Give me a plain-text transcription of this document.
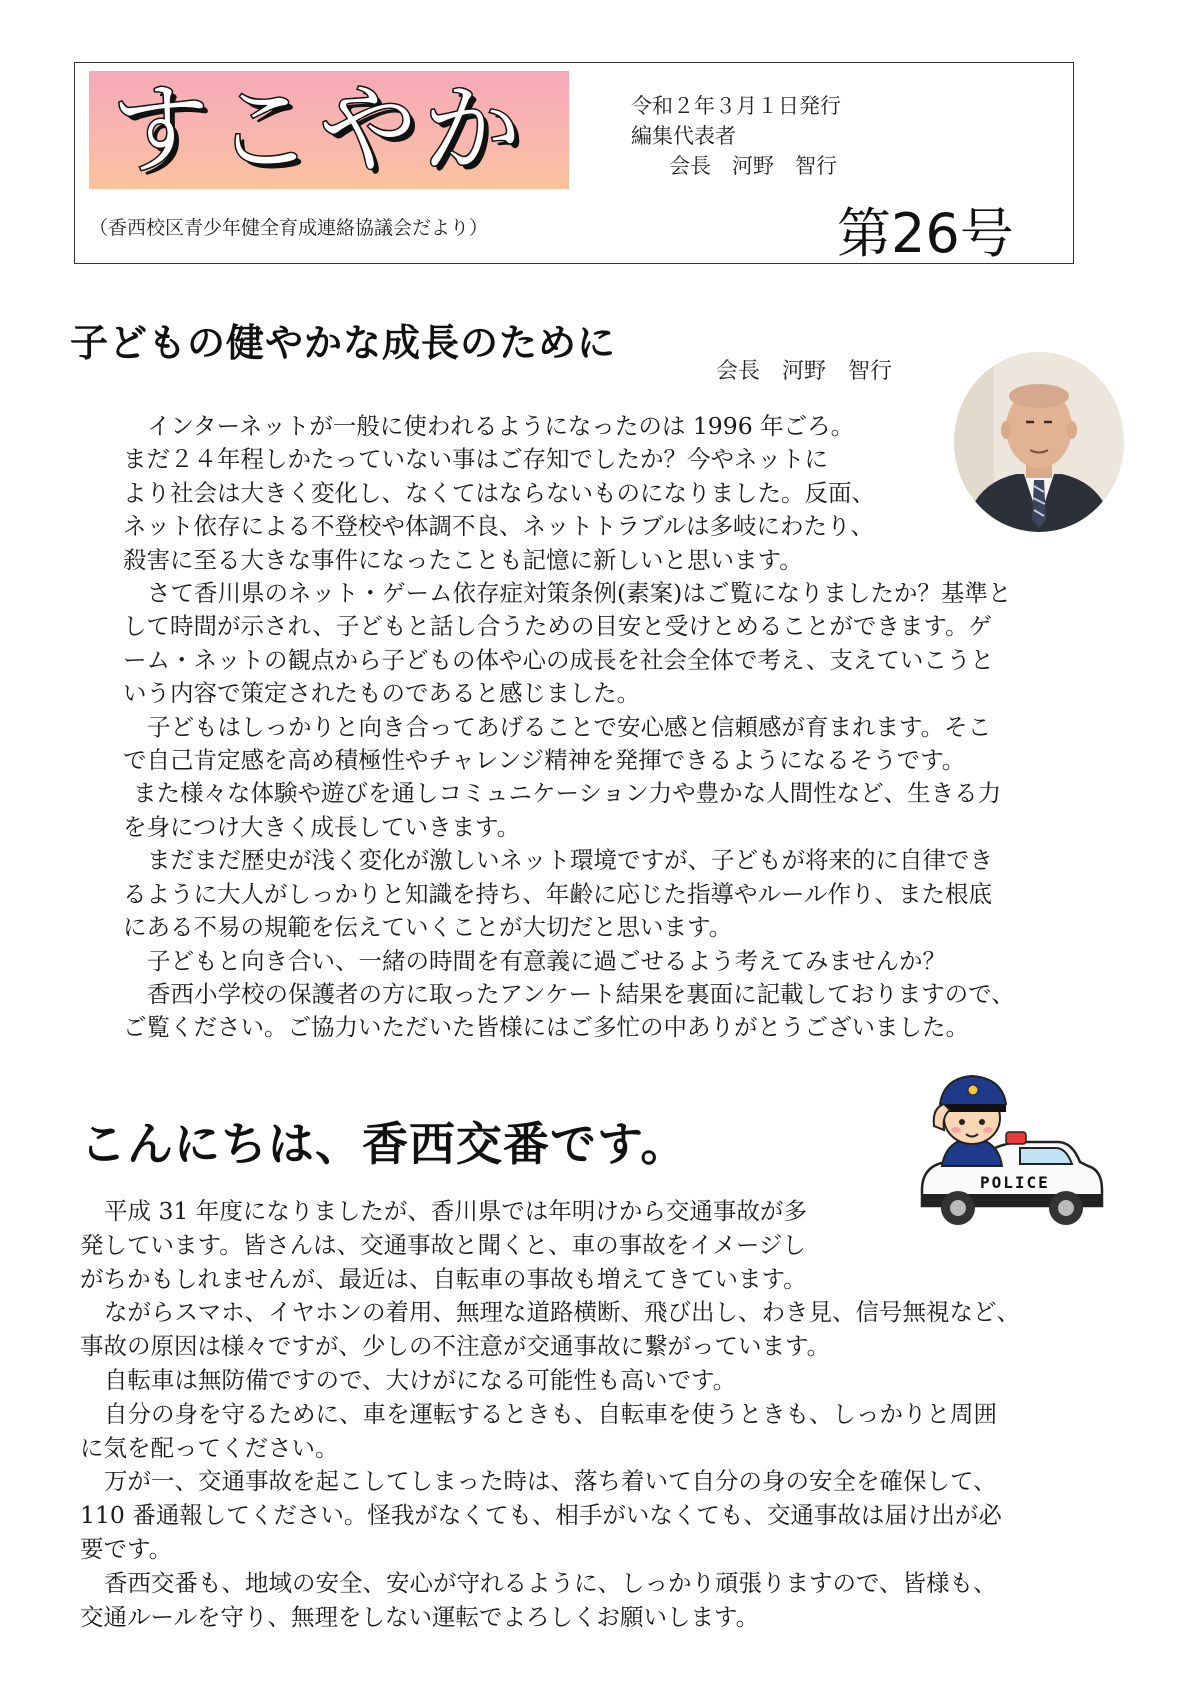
すこやか
（香西校区青少年健全育成連絡協議会だより）
令和２年３月１日発行
編集代表者
会長　河野　智行
第26号
子どもの健やかな成長のために
会長　河野　智行
インターネットが一般に使われるようになったのは 1996 年ごろ。
まだ２４年程しかたっていない事はご存知でしたか？今やネットに
より社会は大きく変化し、なくてはならないものになりました。反面、
ネット依存による不登校や体調不良、ネットトラブルは多岐にわたり、
殺害に至る大きな事件になったことも記憶に新しいと思います。
さて香川県のネット・ゲーム依存症対策条例(素案)はご覧になりましたか？基準と
して時間が示され、子どもと話し合うための目安と受けとめることができます。ゲ
ーム・ネットの観点から子どもの体や心の成長を社会全体で考え、支えていこうと
いう内容で策定されたものであると感じました。
子どもはしっかりと向き合ってあげることで安心感と信頼感が育まれます。そこ
で自己肯定感を高め積極性やチャレンジ精神を発揮できるようになるそうです。
また様々な体験や遊びを通しコミュニケーション力や豊かな人間性など、生きる力
を身につけ大きく成長していきます。
まだまだ歴史が浅く変化が激しいネット環境ですが、子どもが将来的に自律でき
るように大人がしっかりと知識を持ち、年齢に応じた指導やルール作り、また根底
にある不易の規範を伝えていくことが大切だと思います。
子どもと向き合い、一緒の時間を有意義に過ごせるよう考えてみませんか？
香西小学校の保護者の方に取ったアンケート結果を裏面に記載しておりますので、
ご覧ください。ご協力いただいた皆様にはご多忙の中ありがとうございました。
こんにちは、香西交番です。
POLICE
平成 31 年度になりましたが、香川県では年明けから交通事故が多
発しています。皆さんは、交通事故と聞くと、車の事故をイメージし
がちかもしれませんが、最近は、自転車の事故も増えてきています。
ながらスマホ、イヤホンの着用、無理な道路横断、飛び出し、わき見、信号無視など、
事故の原因は様々ですが、少しの不注意が交通事故に繋がっています。
自転車は無防備ですので、大けがになる可能性も高いです。
自分の身を守るために、車を運転するときも、自転車を使うときも、しっかりと周囲
に気を配ってください。
万が一、交通事故を起こしてしまった時は、落ち着いて自分の身の安全を確保して、
110 番通報してください。怪我がなくても、相手がいなくても、交通事故は届け出が必
要です。
香西交番も、地域の安全、安心が守れるように、しっかり頑張りますので、皆様も、
交通ルールを守り、無理をしない運転でよろしくお願いします。
